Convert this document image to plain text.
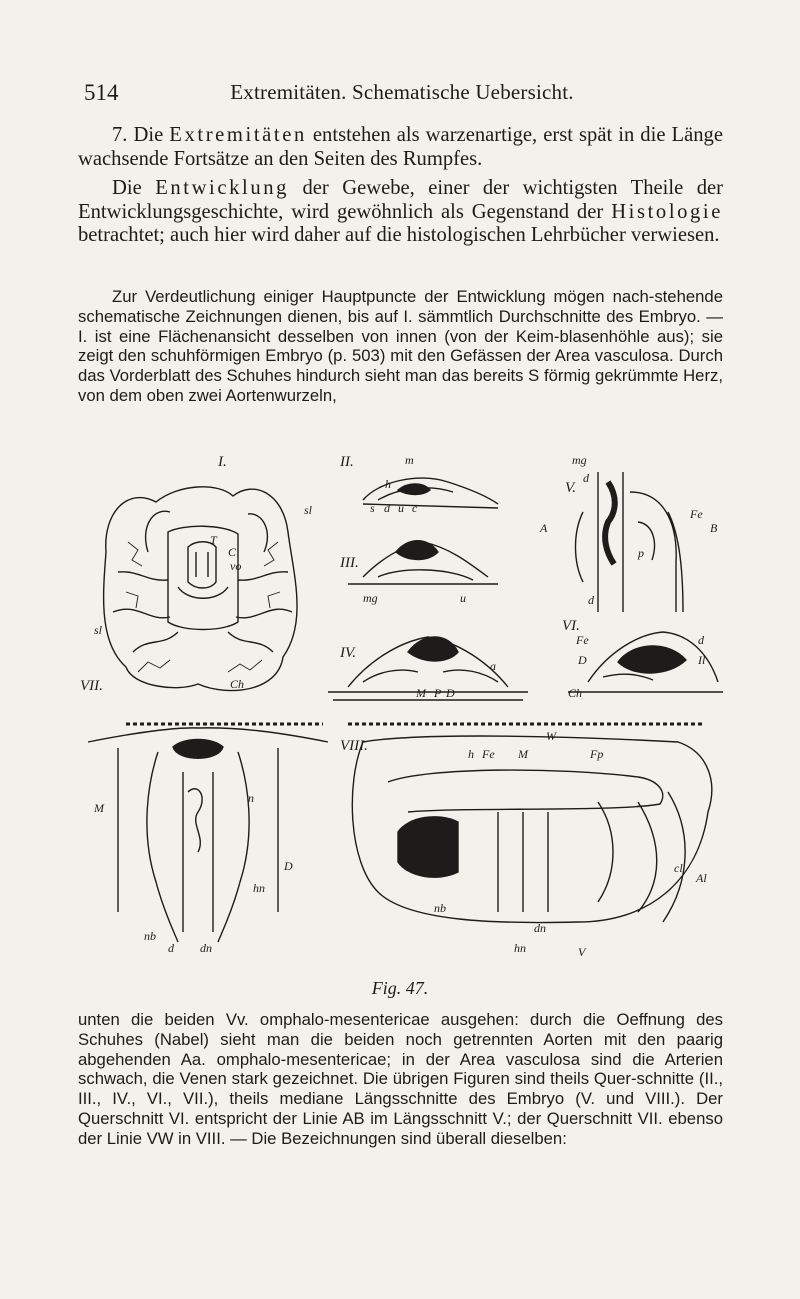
514	Extremitäten. Schematische Uebersicht.

7. Die Extremitäten entstehen als warzenartige, erst spät in die Länge wachsende Fortsätze an den Seiten des Rumpfes.

Die Entwicklung der Gewebe, einer der wichtigsten Theile der Entwicklungsgeschichte, wird gewöhnlich als Gegenstand der Histologie betrachtet; auch hier wird daher auf die histologischen Lehrbücher verwiesen.

Zur Verdeutlichung einiger Hauptpuncte der Entwicklung mögen nach-stehende schematische Zeichnungen dienen, bis auf I. sämmtlich Durchschnitte des Embryo. — I. ist eine Flächenansicht desselben von innen (von der Keim-blasenhöhle aus); sie zeigt den schuhförmigen Embryo (p. 503) mit den Gefässen der Area vasculosa. Durch das Vorderblatt des Schuhes hindurch sieht man das bereits S förmig gekrümmte Herz, von dem oben zwei Aortenwurzeln,

I.	II.
III.
IV.
V.
VI.
VII.
VIII.
sl
sl
T
C
vo
Ch
m
h
s d u c
u
mg
M P D
a
mg
d
Fe
A	B
p
d
Fe
D
Ch
d
Il
W
h Fe M	Fp
hn
dn
nb
cl
Al
V
M
n
D
hn
d dn
nb
Fig. 47.

unten die beiden Vv. omphalo-mesentericae ausgehen: durch die Oeffnung des Schuhes (Nabel) sieht man die beiden noch getrennten Aorten mit den paarig abgehenden Aa. omphalo-mesentericae; in der Area vasculosa sind die Arterien schwach, die Venen stark gezeichnet. Die übrigen Figuren sind theils Quer-schnitte (II., III., IV., VI., VII.), theils mediane Längsschnitte des Embryo (V. und VIII.). Der Querschnitt VI. entspricht der Linie AB im Längsschnitt V.; der Querschnitt VII. ebenso der Linie VW in VIII. — Die Bezeichnungen sind überall dieselben:
